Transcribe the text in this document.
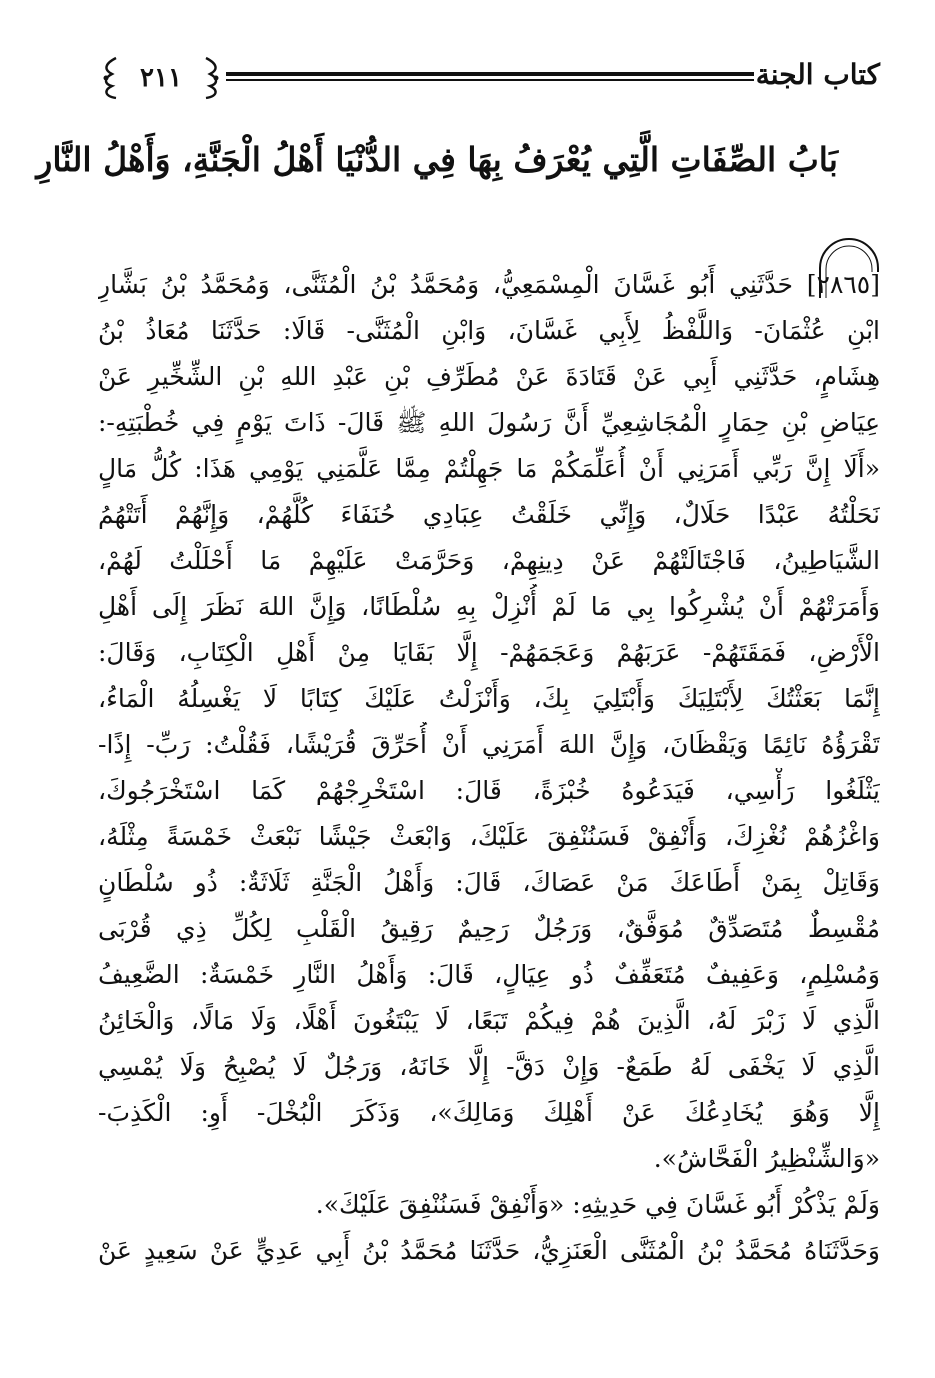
٢١١	كتاب الجنة
بَابُ الصِّفَاتِ الَّتِي يُعْرَفُ بِهَا فِي الدُّنْيَا أَهْلُ الْجَنَّةِ، وَأَهْلُ النَّارِ
[٢٨٦٥] حَدَّثَنِي أَبُو غَسَّانَ الْمِسْمَعِيُّ، وَمُحَمَّدُ بْنُ الْمُثَنَّى، وَمُحَمَّدُ بْنُ بَشَّارِ
ابْنِ عُثْمَانَ- وَاللَّفْظُ لِأَبِي غَسَّانَ، وَابْنِ الْمُثَنَّى- قَالَا: حَدَّثَنَا مُعَاذُ بْنُ
هِشَامٍ، حَدَّثَنِي أَبِي عَنْ قَتَادَةَ عَنْ مُطَرِّفِ بْنِ عَبْدِ اللهِ بْنِ الشِّخِّيرِ عَنْ
عِيَاضِ بْنِ حِمَارٍ الْمُجَاشِعِيِّ أَنَّ رَسُولَ اللهِ ﷺ قَالَ- ذَاتَ يَوْمٍ فِي خُطْبَتِهِ-:
«أَلَا إِنَّ رَبِّي أَمَرَنِي أَنْ أُعَلِّمَكُمْ مَا جَهِلْتُمْ مِمَّا عَلَّمَنِي يَوْمِي هَذَا: كُلُّ مَالٍ
نَحَلْتُهُ عَبْدًا حَلَالٌ، وَإِنِّي خَلَقْتُ عِبَادِي حُنَفَاءَ كُلَّهُمْ، وَإِنَّهُمْ أَتَتْهُمُ
الشَّيَاطِينُ، فَاجْتَالَتْهُمْ عَنْ دِينِهِمْ، وَحَرَّمَتْ عَلَيْهِمْ مَا أَحْلَلْتُ لَهُمْ،
وَأَمَرَتْهُمْ أَنْ يُشْرِكُوا بِي مَا لَمْ أُنْزِلْ بِهِ سُلْطَانًا، وَإِنَّ اللهَ نَظَرَ إِلَى أَهْلِ
الْأَرْضِ، فَمَقَتَهُمْ- عَرَبَهُمْ وَعَجَمَهُمْ- إِلَّا بَقَايَا مِنْ أَهْلِ الْكِتَابِ، وَقَالَ:
إِنَّمَا بَعَثْتُكَ لِأَبْتَلِيَكَ وَأَبْتَلِيَ بِكَ، وَأَنْزَلْتُ عَلَيْكَ كِتَابًا لَا يَغْسِلُهُ الْمَاءُ،
تَقْرَؤُهُ نَائِمًا وَيَقْظَانَ، وَإِنَّ اللهَ أَمَرَنِي أَنْ أُحَرِّقَ قُرَيْشًا، فَقُلْتُ: رَبِّ- إِذًا-
يَثْلَغُوا رَأْسِي، فَيَدَعُوهُ خُبْزَةً، قَالَ: اسْتَخْرِجْهُمْ كَمَا اسْتَخْرَجُوكَ،
وَاغْزُهُمْ نُغْزِكَ، وَأَنْفِقْ فَسَنُنْفِقَ عَلَيْكَ، وَابْعَثْ جَيْشًا نَبْعَثْ خَمْسَةً مِثْلَهُ،
وَقَاتِلْ بِمَنْ أَطَاعَكَ مَنْ عَصَاكَ، قَالَ: وَأَهْلُ الْجَنَّةِ ثَلَاثَةٌ: ذُو سُلْطَانٍ
مُقْسِطٌ مُتَصَدِّقٌ مُوَفَّقٌ، وَرَجُلٌ رَحِيمٌ رَقِيقُ الْقَلْبِ لِكُلِّ ذِي قُرْبَى
وَمُسْلِمٍ، وَعَفِيفٌ مُتَعَفِّفٌ ذُو عِيَالٍ، قَالَ: وَأَهْلُ النَّارِ خَمْسَةٌ: الضَّعِيفُ
الَّذِي لَا زَبْرَ لَهُ، الَّذِينَ هُمْ فِيكُمْ تَبَعًا، لَا يَبْتَغُونَ أَهْلًا، وَلَا مَالًا، وَالْخَائِنُ
الَّذِي لَا يَخْفَى لَهُ طَمَعٌ- وَإِنْ دَقَّ- إِلَّا خَانَهُ، وَرَجُلٌ لَا يُصْبِحُ وَلَا يُمْسِي
إِلَّا وَهُوَ يُخَادِعُكَ عَنْ أَهْلِكَ وَمَالِكَ»، وَذَكَرَ الْبُخْلَ- أَوِ: الْكَذِبَ-
«وَالشِّنْظِيرُ الْفَحَّاشُ».
وَلَمْ يَذْكُرْ أَبُو غَسَّانَ فِي حَدِيثِهِ: «وَأَنْفِقْ فَسَنُنْفِقَ عَلَيْكَ».
وَحَدَّثَنَاهُ مُحَمَّدُ بْنُ الْمُثَنَّى الْعَنَزِيُّ، حَدَّثَنَا مُحَمَّدُ بْنُ أَبِي عَدِيٍّ عَنْ سَعِيدٍ عَنْ
